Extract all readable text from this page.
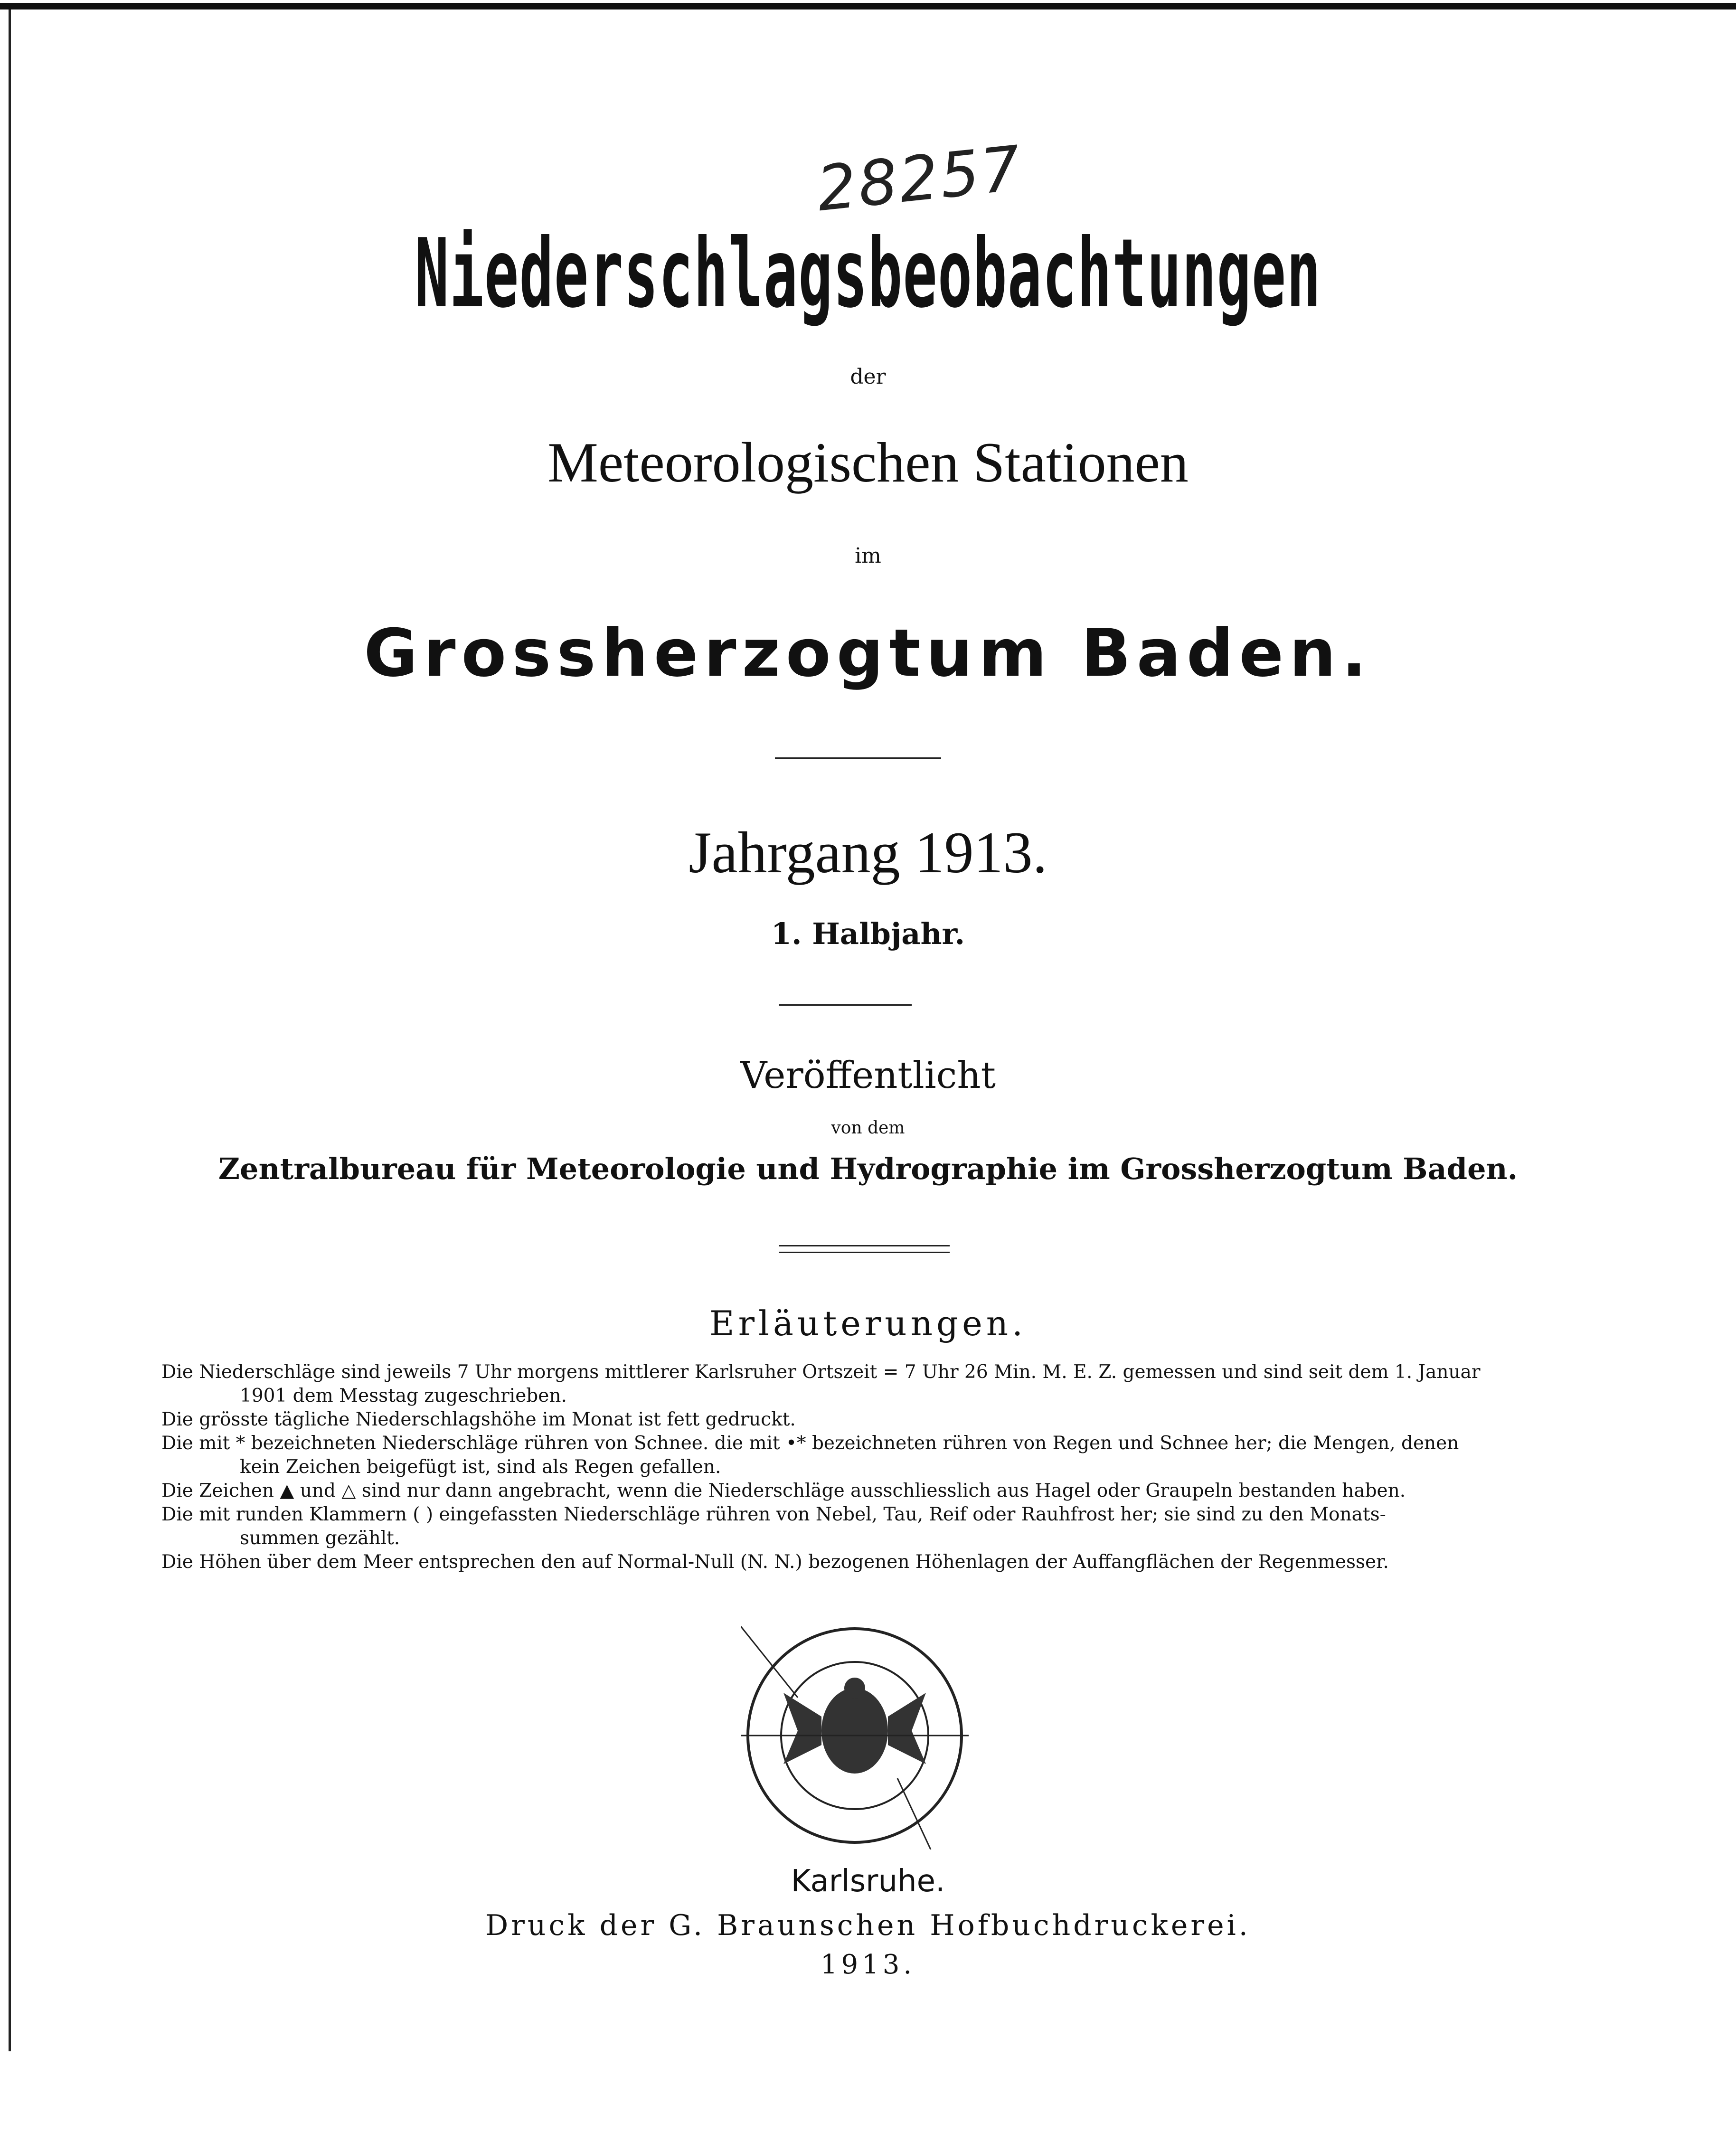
28257
Niederschlagsbeobachtungen
der
Meteorologischen Stationen
im
Grossherzogtum Baden.
Jahrgang 1913.
1. Halbjahr.
Veröffentlicht
von dem
Zentralbureau für Meteorologie und Hydrographie im Grossherzogtum Baden.
Erläuterungen.
Die Niederschläge sind jeweils 7 Uhr morgens mittlerer Karlsruher Ortszeit = 7 Uhr 26 Min. M. E. Z. gemessen und sind seit dem 1. Januar
1901 dem Messtag zugeschrieben.
Die grösste tägliche Niederschlagshöhe im Monat ist fett gedruckt.
Die mit * bezeichneten Niederschläge rühren von Schnee. die mit •* bezeichneten rühren von Regen und Schnee her; die Mengen, denen
kein Zeichen beigefügt ist, sind als Regen gefallen.
Die Zeichen ▲ und △ sind nur dann angebracht, wenn die Niederschläge ausschliesslich aus Hagel oder Graupeln bestanden haben.
Die mit runden Klammern ( ) eingefassten Niederschläge rühren von Nebel, Tau, Reif oder Rauhfrost her; sie sind zu den Monats-
summen gezählt.
Die Höhen über dem Meer entsprechen den auf Normal-Null (N. N.) bezogenen Höhenlagen der Auffangflächen der Regenmesser.
Karlsruhe.
Druck der G. Braunschen Hofbuchdruckerei.
1913.
